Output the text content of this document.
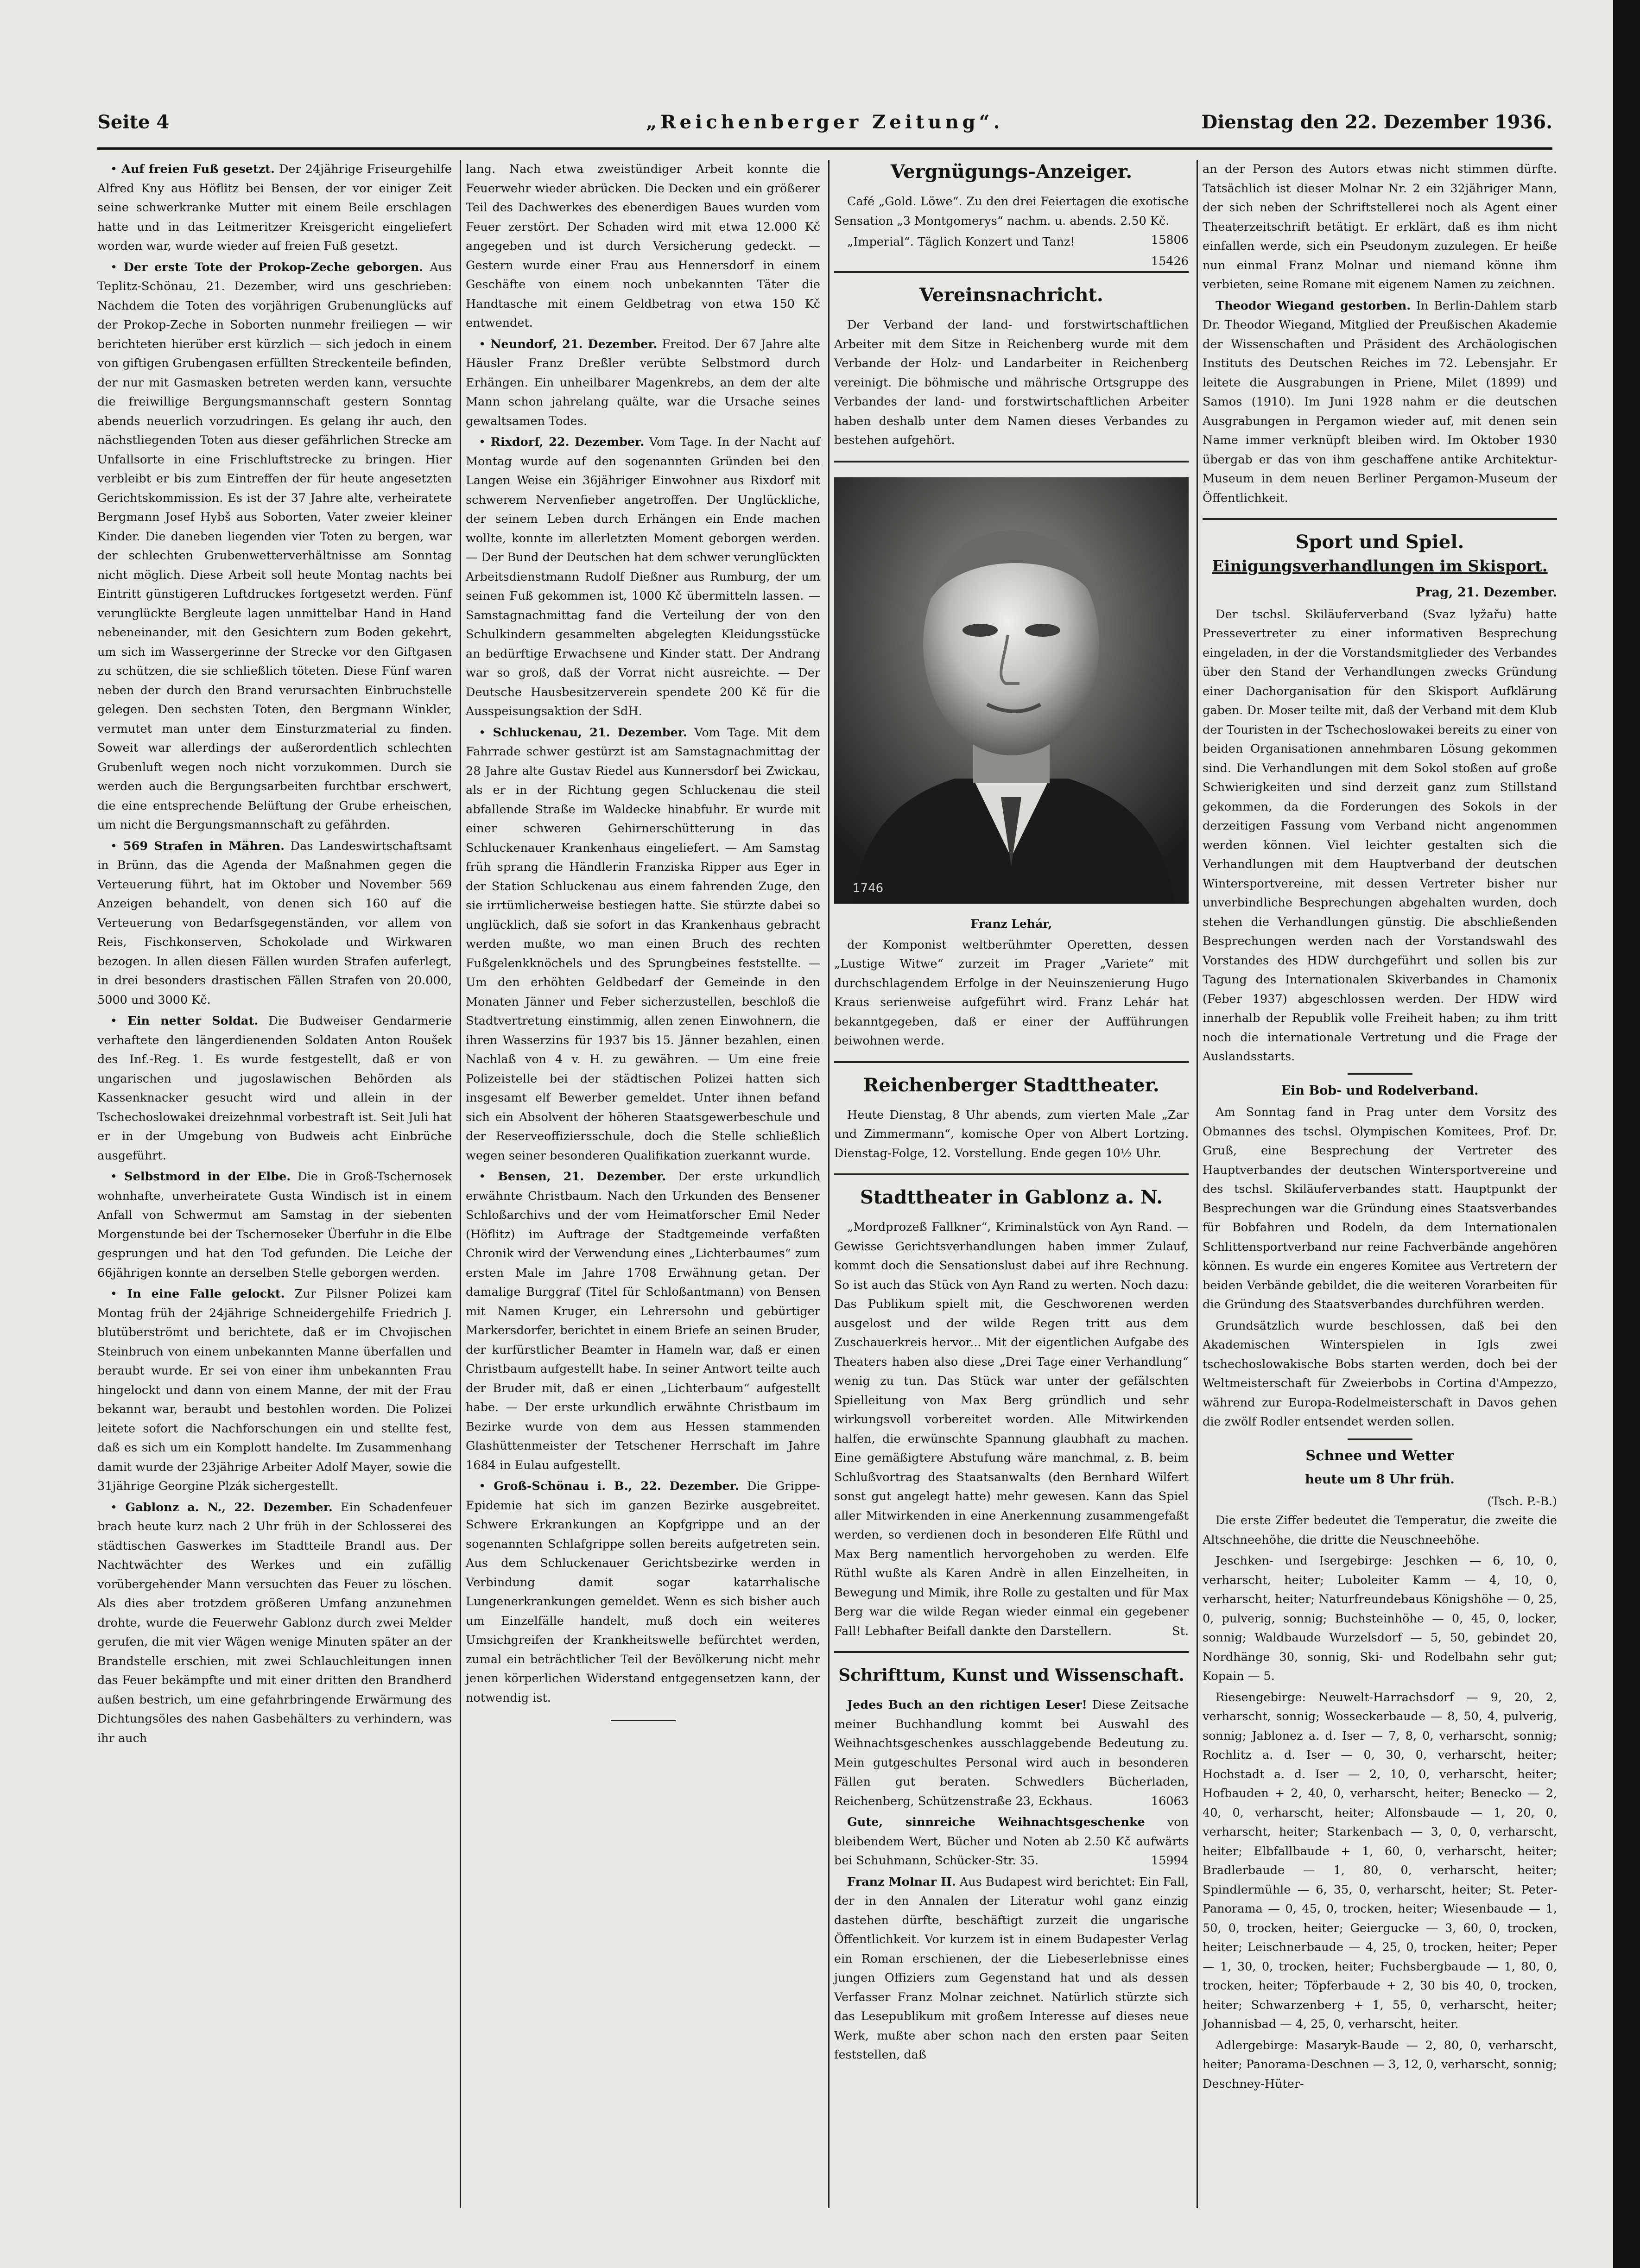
Seite 4	„Reichenberger Zeitung“.	Dienstag den 22. Dezember 1936.

• Auf freien Fuß gesetzt. Der 24jährige Friseurgehilfe Alfred Kny aus Höflitz bei Bensen, der vor einiger Zeit seine schwerkranke Mutter mit einem Beile erschlagen hatte und in das Leitmeritzer Kreisgericht eingeliefert worden war, wurde wieder auf freien Fuß gesetzt.

• Der erste Tote der Prokop-Zeche geborgen. Aus Teplitz-Schönau, 21. Dezember, wird uns geschrieben: Nachdem die Toten des vorjährigen Grubenunglücks auf der Prokop-Zeche in Soborten nunmehr freiliegen — wir berichteten hierüber erst kürzlich — sich jedoch in einem von giftigen Grubengasen erfüllten Streckenteile befinden, der nur mit Gasmasken betreten werden kann, versuchte die freiwillige Bergungsmannschaft gestern Sonntag abends neuerlich vorzudringen. Es gelang ihr auch, den nächstliegenden Toten aus dieser gefährlichen Strecke am Unfallsorte in eine Frischluftstrecke zu bringen. Hier verbleibt er bis zum Eintreffen der für heute angesetzten Gerichtskommission. Es ist der 37 Jahre alte, verheiratete Bergmann Josef Hybš aus Soborten, Vater zweier kleiner Kinder. Die daneben liegenden vier Toten zu bergen, war der schlechten Grubenwetterverhältnisse am Sonntag nicht möglich. Diese Arbeit soll heute Montag nachts bei Eintritt günstigeren Luftdruckes fortgesetzt werden. Fünf verunglückte Bergleute lagen unmittelbar Hand in Hand nebeneinander, mit den Gesichtern zum Boden gekehrt, um sich im Wassergerinne der Strecke vor den Giftgasen zu schützen, die sie schließlich töteten. Diese Fünf waren neben der durch den Brand verursachten Einbruchstelle gelegen. Den sechsten Toten, den Bergmann Winkler, vermutet man unter dem Einsturzmaterial zu finden. Soweit war allerdings der außerordentlich schlechten Grubenluft wegen noch nicht vorzukommen. Durch sie werden auch die Bergungsarbeiten furchtbar erschwert, die eine entsprechende Belüftung der Grube erheischen, um nicht die Bergungsmannschaft zu gefährden.

• 569 Strafen in Mähren. Das Landeswirtschaftsamt in Brünn, das die Agenda der Maßnahmen gegen die Verteuerung führt, hat im Oktober und November 569 Anzeigen behandelt, von denen sich 160 auf die Verteuerung von Bedarfsgegenständen, vor allem von Reis, Fischkonserven, Schokolade und Wirkwaren bezogen. In allen diesen Fällen wurden Strafen auferlegt, in drei besonders drastischen Fällen Strafen von 20.000, 5000 und 3000 Kč.

• Ein netter Soldat. Die Budweiser Gendarmerie verhaftete den längerdienenden Soldaten Anton Roušek des Inf.-Reg. 1. Es wurde festgestellt, daß er von ungarischen und jugoslawischen Behörden als Kassenknacker gesucht wird und allein in der Tschechoslowakei dreizehnmal vorbestraft ist. Seit Juli hat er in der Umgebung von Budweis acht Einbrüche ausgeführt.

• Selbstmord in der Elbe. Die in Groß-Tschernosek wohnhafte, unverheiratete Gusta Windisch ist in einem Anfall von Schwermut am Samstag in der siebenten Morgenstunde bei der Tschernoseker Überfuhr in die Elbe gesprungen und hat den Tod gefunden. Die Leiche der 66jährigen konnte an derselben Stelle geborgen werden.

• In eine Falle gelockt. Zur Pilsner Polizei kam Montag früh der 24jährige Schneidergehilfe Friedrich J. blutüberströmt und berichtete, daß er im Chvojischen Steinbruch von einem unbekannten Manne überfallen und beraubt wurde. Er sei von einer ihm unbekannten Frau hingelockt und dann von einem Manne, der mit der Frau bekannt war, beraubt und bestohlen worden. Die Polizei leitete sofort die Nachforschungen ein und stellte fest, daß es sich um ein Komplott handelte. Im Zusammenhang damit wurde der 23jährige Arbeiter Adolf Mayer, sowie die 31jährige Georgine Plzák sichergestellt.

• Gablonz a. N., 22. Dezember. Ein Schadenfeuer brach heute kurz nach 2 Uhr früh in der Schlosserei des städtischen Gaswerkes im Stadtteile Brandl aus. Der Nachtwächter des Werkes und ein zufällig vorübergehender Mann versuchten das Feuer zu löschen. Als dies aber trotzdem größeren Umfang anzunehmen drohte, wurde die Feuerwehr Gablonz durch zwei Melder gerufen, die mit vier Wägen wenige Minuten später an der Brandstelle erschien, mit zwei Schlauchleitungen innen das Feuer bekämpfte und mit einer dritten den Brandherd außen bestrich, um eine gefahrbringende Erwärmung des Dichtungsöles des nahen Gasbehälters zu verhindern, was ihr auch

lang. Nach etwa zweistündiger Arbeit konnte die Feuerwehr wieder abrücken. Die Decken und ein größerer Teil des Dachwerkes des ebenerdigen Baues wurden vom Feuer zerstört. Der Schaden wird mit etwa 12.000 Kč angegeben und ist durch Versicherung gedeckt. — Gestern wurde einer Frau aus Hennersdorf in einem Geschäfte von einem noch unbekannten Täter die Handtasche mit einem Geldbetrag von etwa 150 Kč entwendet.

• Neundorf, 21. Dezember. Freitod. Der 67 Jahre alte Häusler Franz Dreßler verübte Selbstmord durch Erhängen. Ein unheilbarer Magenkrebs, an dem der alte Mann schon jahrelang quälte, war die Ursache seines gewaltsamen Todes.

• Rixdorf, 22. Dezember. Vom Tage. In der Nacht auf Montag wurde auf den sogenannten Gründen bei den Langen Weise ein 36jähriger Einwohner aus Rixdorf mit schwerem Nervenfieber angetroffen. Der Unglückliche, der seinem Leben durch Erhängen ein Ende machen wollte, konnte im allerletzten Moment geborgen werden. — Der Bund der Deutschen hat dem schwer verunglückten Arbeitsdienstmann Rudolf Dießner aus Rumburg, der um seinen Fuß gekommen ist, 1000 Kč übermitteln lassen. — Samstagnachmittag fand die Verteilung der von den Schulkindern gesammelten abgelegten Kleidungsstücke an bedürftige Erwachsene und Kinder statt. Der Andrang war so groß, daß der Vorrat nicht ausreichte. — Der Deutsche Hausbesitzerverein spendete 200 Kč für die Ausspeisungsaktion der SdH.

• Schluckenau, 21. Dezember. Vom Tage. Mit dem Fahrrade schwer gestürzt ist am Samstagnachmittag der 28 Jahre alte Gustav Riedel aus Kunnersdorf bei Zwickau, als er in der Richtung gegen Schluckenau die steil abfallende Straße im Waldecke hinabfuhr. Er wurde mit einer schweren Gehirnerschütterung in das Schluckenauer Krankenhaus eingeliefert. — Am Samstag früh sprang die Händlerin Franziska Ripper aus Eger in der Station Schluckenau aus einem fahrenden Zuge, den sie irrtümlicherweise bestiegen hatte. Sie stürzte dabei so unglücklich, daß sie sofort in das Krankenhaus gebracht werden mußte, wo man einen Bruch des rechten Fußgelenkknöchels und des Sprungbeines feststellte. — Um den erhöhten Geldbedarf der Gemeinde in den Monaten Jänner und Feber sicherzustellen, beschloß die Stadtvertretung einstimmig, allen zenen Einwohnern, die ihren Wasserzins für 1937 bis 15. Jänner bezahlen, einen Nachlaß von 4 v. H. zu gewähren. — Um eine freie Polizeistelle bei der städtischen Polizei hatten sich insgesamt elf Bewerber gemeldet. Unter ihnen befand sich ein Absolvent der höheren Staatsgewerbeschule und der Reserveoffiziersschule, doch die Stelle schließlich wegen seiner besonderen Qualifikation zuerkannt wurde.

• Bensen, 21. Dezember. Der erste urkundlich erwähnte Christbaum. Nach den Urkunden des Bensener Schloßarchivs und der vom Heimatforscher Emil Neder (Höflitz) im Auftrage der Stadtgemeinde verfaßten Chronik wird der Verwendung eines „Lichterbaumes“ zum ersten Male im Jahre 1708 Erwähnung getan. Der damalige Burggraf (Titel für Schloßantmann) von Bensen mit Namen Kruger, ein Lehrersohn und gebürtiger Markersdorfer, berichtet in einem Briefe an seinen Bruder, der kurfürstlicher Beamter in Hameln war, daß er einen Christbaum aufgestellt habe. In seiner Antwort teilte auch der Bruder mit, daß er einen „Lichterbaum“ aufgestellt habe. — Der erste urkundlich erwähnte Christbaum im Bezirke wurde von dem aus Hessen stammenden Glashüttenmeister der Tetschener Herrschaft im Jahre 1684 in Eulau aufgestellt.

• Groß-Schönau i. B., 22. Dezember. Die Grippe-Epidemie hat sich im ganzen Bezirke ausgebreitet. Schwere Erkrankungen an Kopfgrippe und an der sogenannten Schlafgrippe sollen bereits aufgetreten sein. Aus dem Schluckenauer Gerichtsbezirke werden in Verbindung damit sogar katarrhalische Lungenerkrankungen gemeldet. Wenn es sich bisher auch um Einzelfälle handelt, muß doch ein weiteres Umsichgreifen der Krankheitswelle befürchtet werden, zumal ein beträchtlicher Teil der Bevölkerung nicht mehr jenen körperlichen Widerstand entgegensetzen kann, der notwendig ist.

Vergnügungs-Anzeiger.

Café „Gold. Löwe“. Zu den drei Feiertagen die exotische Sensation „3 Montgomerys“ nachm. u. abends. 2.50 Kč.
15806

„Imperial“. Täglich Konzert und Tanz!

15426

Vereinsnachricht.

Der Verband der land- und forstwirtschaftlichen Arbeiter mit dem Sitze in Reichenberg wurde mit dem Verbande der Holz- und Landarbeiter in Reichenberg vereinigt. Die böhmische und mährische Ortsgruppe des Verbandes der land- und forstwirtschaftlichen Arbeiter haben deshalb unter dem Namen dieses Verbandes zu bestehen aufgehört.

1746
Franz Lehár,

der Komponist weltberühmter Operetten, dessen „Lustige Witwe“ zurzeit im Prager „Variete“ mit durchschlagendem Erfolge in der Neuinszenierung Hugo Kraus serienweise aufgeführt wird. Franz Lehár hat bekanntgegeben, daß er einer der Aufführungen beiwohnen werde.

Reichenberger Stadttheater.

Heute Dienstag, 8 Uhr abends, zum vierten Male „Zar und Zimmermann“, komische Oper von Albert Lortzing. Dienstag-Folge, 12. Vorstellung. Ende gegen 10½ Uhr.

Stadttheater in Gablonz a. N.

„Mordprozeß Fallkner“, Kriminalstück von Ayn Rand. — Gewisse Gerichtsverhandlungen haben immer Zulauf, kommt doch die Sensationslust dabei auf ihre Rechnung. So ist auch das Stück von Ayn Rand zu werten. Noch dazu: Das Publikum spielt mit, die Geschworenen werden ausgelost und der wilde Regen tritt aus dem Zuschauerkreis hervor... Mit der eigentlichen Aufgabe des Theaters haben also diese „Drei Tage einer Verhandlung“ wenig zu tun. Das Stück war unter der gefälschten Spielleitung von Max Berg gründlich und sehr wirkungsvoll vorbereitet worden. Alle Mitwirkenden halfen, die erwünschte Spannung glaubhaft zu machen. Eine gemäßigtere Abstufung wäre manchmal, z. B. beim Schlußvortrag des Staatsanwalts (den Bernhard Wilfert sonst gut angelegt hatte) mehr gewesen. Kann das Spiel aller Mitwirkenden in eine Anerkennung zusammengefaßt werden, so verdienen doch in besonderen Elfe Rüthl und Max Berg namentlich hervorgehoben zu werden. Elfe Rüthl wußte als Karen Andrè in allen Einzelheiten, in Bewegung und Mimik, ihre Rolle zu gestalten und für Max Berg war die wilde Regan wieder einmal ein gegebener Fall! Lebhafter Beifall dankte den Darstellern.	St.

Schrifttum, Kunst und Wissenschaft.

Jedes Buch an den richtigen Leser! Diese Zeitsache meiner Buchhandlung kommt bei Auswahl des Weihnachtsgeschenkes ausschlaggebende Bedeutung zu. Mein gutgeschultes Personal wird auch in besonderen Fällen gut beraten. Schwedlers Bücherladen, Reichenberg, Schützenstraße 23, Eckhaus.	16063

Gute, sinnreiche Weihnachtsgeschenke von bleibendem Wert, Bücher und Noten ab 2.50 Kč aufwärts bei Schuhmann, Schücker-Str. 35.	15994

Franz Molnar II. Aus Budapest wird berichtet: Ein Fall, der in den Annalen der Literatur wohl ganz einzig dastehen dürfte, beschäftigt zurzeit die ungarische Öffentlichkeit. Vor kurzem ist in einem Budapester Verlag ein Roman erschienen, der die Liebeserlebnisse eines jungen Offiziers zum Gegenstand hat und als dessen Verfasser Franz Molnar zeichnet. Natürlich stürzte sich das Lesepublikum mit großem Interesse auf dieses neue Werk, mußte aber schon nach den ersten paar Seiten feststellen, daß

an der Person des Autors etwas nicht stimmen dürfte. Tatsächlich ist dieser Molnar Nr. 2 ein 32jähriger Mann, der sich neben der Schriftstellerei noch als Agent einer Theaterzeitschrift betätigt. Er erklärt, daß es ihm nicht einfallen werde, sich ein Pseudonym zuzulegen. Er heiße nun einmal Franz Molnar und niemand könne ihm verbieten, seine Romane mit eigenem Namen zu zeichnen.

Theodor Wiegand gestorben. In Berlin-Dahlem starb Dr. Theodor Wiegand, Mitglied der Preußischen Akademie der Wissenschaften und Präsident des Archäologischen Instituts des Deutschen Reiches im 72. Lebensjahr. Er leitete die Ausgrabungen in Priene, Milet (1899) und Samos (1910). Im Juni 1928 nahm er die deutschen Ausgrabungen in Pergamon wieder auf, mit denen sein Name immer verknüpft bleiben wird. Im Oktober 1930 übergab er das von ihm geschaffene antike Architektur-Museum in dem neuen Berliner Pergamon-Museum der Öffentlichkeit.

Sport und Spiel.
Einigungsverhandlungen im Skisport.
Prag, 21. Dezember.

Der tschsl. Skiläuferverband (Svaz lyžařu) hatte Pressevertreter zu einer informativen Besprechung eingeladen, in der die Vorstandsmitglieder des Verbandes über den Stand der Verhandlungen zwecks Gründung einer Dachorganisation für den Skisport Aufklärung gaben. Dr. Moser teilte mit, daß der Verband mit dem Klub der Touristen in der Tschechoslowakei bereits zu einer von beiden Organisationen annehmbaren Lösung gekommen sind. Die Verhandlungen mit dem Sokol stoßen auf große Schwierigkeiten und sind derzeit ganz zum Stillstand gekommen, da die Forderungen des Sokols in der derzeitigen Fassung vom Verband nicht angenommen werden können. Viel leichter gestalten sich die Verhandlungen mit dem Hauptverband der deutschen Wintersportvereine, mit dessen Vertreter bisher nur unverbindliche Besprechungen abgehalten wurden, doch stehen die Verhandlungen günstig. Die abschließenden Besprechungen werden nach der Vorstandswahl des Vorstandes des HDW durchgeführt und sollen bis zur Tagung des Internationalen Skiverbandes in Chamonix (Feber 1937) abgeschlossen werden. Der HDW wird innerhalb der Republik volle Freiheit haben; zu ihm tritt noch die internationale Vertretung und die Frage der Auslandsstarts.

Ein Bob- und Rodelverband.

Am Sonntag fand in Prag unter dem Vorsitz des Obmannes des tschsl. Olympischen Komitees, Prof. Dr. Gruß, eine Besprechung der Vertreter des Hauptverbandes der deutschen Wintersportvereine und des tschsl. Skiläuferverbandes statt. Hauptpunkt der Besprechungen war die Gründung eines Staatsverbandes für Bobfahren und Rodeln, da dem Internationalen Schlittensportverband nur reine Fachverbände angehören können. Es wurde ein engeres Komitee aus Vertretern der beiden Verbände gebildet, die die weiteren Vorarbeiten für die Gründung des Staatsverbandes durchführen werden.

Grundsätzlich wurde beschlossen, daß bei den Akademischen Winterspielen in Igls zwei tschechoslowakische Bobs starten werden, doch bei der Weltmeisterschaft für Zweierbobs in Cortina d'Ampezzo, während zur Europa-Rodelmeisterschaft in Davos gehen die zwölf Rodler entsendet werden sollen.

Schnee und Wetter
heute um 8 Uhr früh.
(Tsch. P.-B.)

Die erste Ziffer bedeutet die Temperatur, die zweite die Altschneehöhe, die dritte die Neuschneehöhe.

Jeschken- und Isergebirge: Jeschken — 6, 10, 0, verharscht, heiter; Luboleiter Kamm — 4, 10, 0, verharscht, heiter; Naturfreundebaus Königshöhe — 0, 25, 0, pulverig, sonnig; Buchsteinhöhe — 0, 45, 0, locker, sonnig; Waldbaude Wurzelsdorf — 5, 50, gebindet 20, Nordhänge 30, sonnig, Ski- und Rodelbahn sehr gut; Kopain — 5.

Riesengebirge: Neuwelt-Harrachsdorf — 9, 20, 2, verharscht, sonnig; Wosseckerbaude — 8, 50, 4, pulverig, sonnig; Jablonez a. d. Iser — 7, 8, 0, verharscht, sonnig; Rochlitz a. d. Iser — 0, 30, 0, verharscht, heiter; Hochstadt a. d. Iser — 2, 10, 0, verharscht, heiter; Hofbauden + 2, 40, 0, verharscht, heiter; Benecko — 2, 40, 0, verharscht, heiter; Alfonsbaude — 1, 20, 0, verharscht, heiter; Starkenbach — 3, 0, 0, verharscht, heiter; Elbfallbaude + 1, 60, 0, verharscht, heiter; Bradlerbaude — 1, 80, 0, verharscht, heiter; Spindlermühle — 6, 35, 0, verharscht, heiter; St. Peter-Panorama — 0, 45, 0, trocken, heiter; Wiesenbaude — 1, 50, 0, trocken, heiter; Geiergucke — 3, 60, 0, trocken, heiter; Leischnerbaude — 4, 25, 0, trocken, heiter; Peper — 1, 30, 0, trocken, heiter; Fuchsbergbaude — 1, 80, 0, trocken, heiter; Töpferbaude + 2, 30 bis 40, 0, trocken, heiter; Schwarzenberg + 1, 55, 0, verharscht, heiter; Johannisbad — 4, 25, 0, verharscht, heiter.

Adlergebirge: Masaryk-Baude — 2, 80, 0, verharscht, heiter; Panorama-Deschnen — 3, 12, 0, verharscht, sonnig; Deschney-Hüter-
